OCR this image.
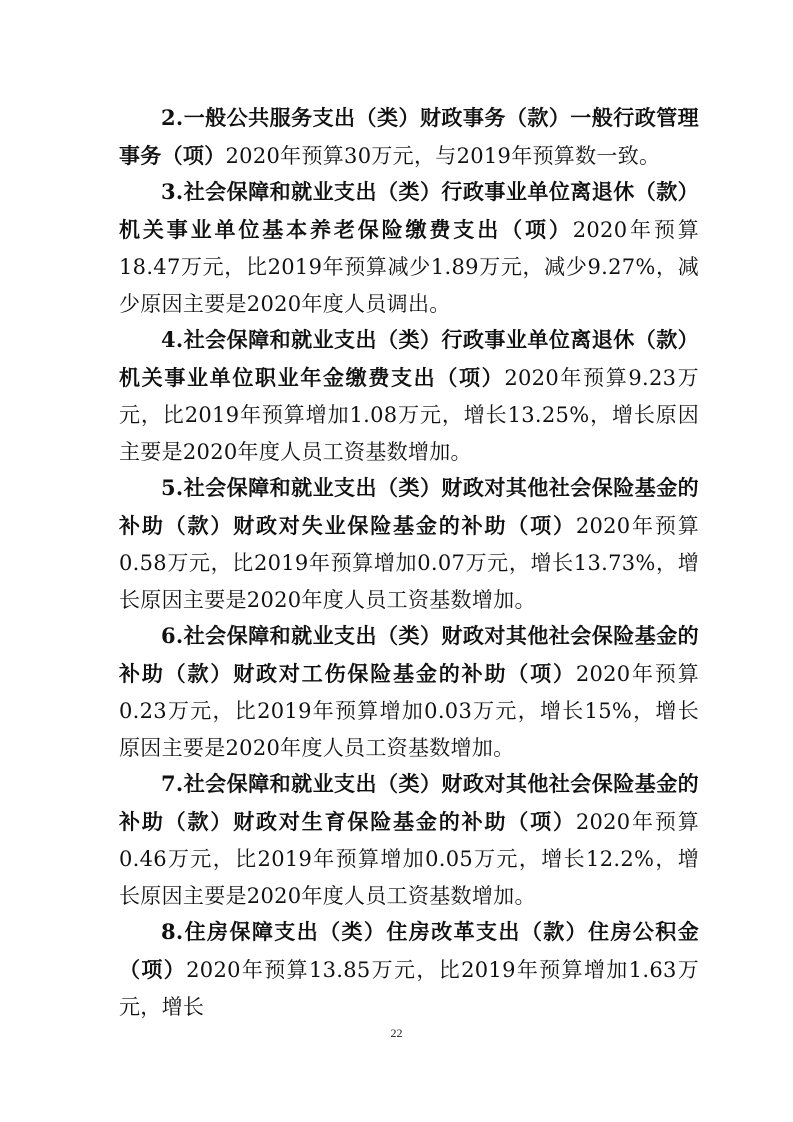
2.一般公共服务支出（类）财政事务（款）一般行政管理事务（项）2020年预算30万元，与2019年预算数一致。

3.社会保障和就业支出（类）行政事业单位离退休（款）机关事业单位基本养老保险缴费支出（项）2020年预算18.47万元，比2019年预算减少1.89万元，减少9.27%，减少原因主要是2020年度人员调出。

4.社会保障和就业支出（类）行政事业单位离退休（款）机关事业单位职业年金缴费支出（项）2020年预算9.23万元，比2019年预算增加1.08万元，增长13.25%，增长原因主要是2020年度人员工资基数增加。

5.社会保障和就业支出（类）财政对其他社会保险基金的补助（款）财政对失业保险基金的补助（项）2020年预算0.58万元，比2019年预算增加0.07万元，增长13.73%，增长原因主要是2020年度人员工资基数增加。

6.社会保障和就业支出（类）财政对其他社会保险基金的补助（款）财政对工伤保险基金的补助（项）2020年预算0.23万元，比2019年预算增加0.03万元，增长15%，增长原因主要是2020年度人员工资基数增加。

7.社会保障和就业支出（类）财政对其他社会保险基金的补助（款）财政对生育保险基金的补助（项）2020年预算0.46万元，比2019年预算增加0.05万元，增长12.2%，增长原因主要是2020年度人员工资基数增加。

8.住房保障支出（类）住房改革支出（款）住房公积金（项）2020年预算13.85万元，比2019年预算增加1.63万元，增长

22
